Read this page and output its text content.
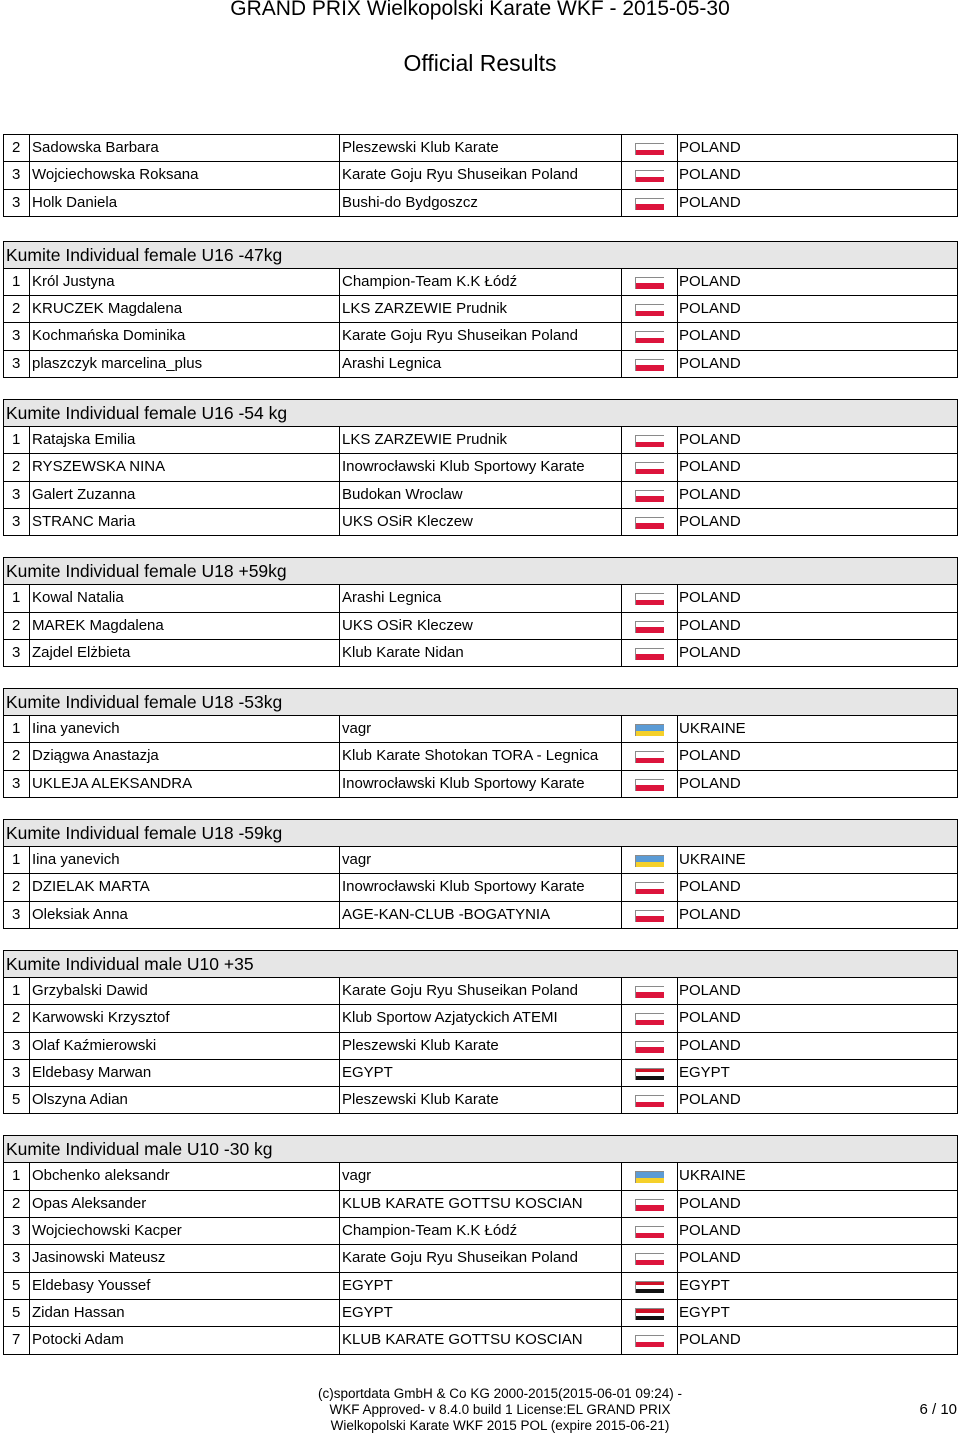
GRAND PRIX Wielkopolski Karate WKF - 2015-05-30
Official Results
2 Sadowska Barbara	Pleszewski Klub Karate	POLAND
3 Wojciechowska Roksana	Karate Goju Ryu Shuseikan Poland	POLAND
3 Holk Daniela	Bushi-do Bydgoszcz	POLAND
Kumite Individual female U16 -47kg
1 Król Justyna	Champion-Team K.K Łódź	POLAND
2 KRUCZEK Magdalena	LKS ZARZEWIE Prudnik	POLAND
3 Kochmańska Dominika	Karate Goju Ryu Shuseikan Poland	POLAND
3 plaszczyk marcelina_plus	Arashi Legnica	POLAND
Kumite Individual female U16 -54 kg
1 Ratajska Emilia	LKS ZARZEWIE Prudnik	POLAND
2 RYSZEWSKA NINA	Inowrocławski Klub Sportowy Karate	POLAND
3 Galert Zuzanna	Budokan Wroclaw	POLAND
3 STRANC Maria	UKS OSiR Kleczew	POLAND
Kumite Individual female U18 +59kg
1 Kowal Natalia	Arashi Legnica	POLAND
2 MAREK Magdalena	UKS OSiR Kleczew	POLAND
3 Zajdel Elżbieta	Klub Karate Nidan	POLAND
Kumite Individual female U18 -53kg
1 Iina yanevich	vagr	UKRAINE
2 Dziągwa Anastazja	Klub Karate Shotokan TORA - Legnica	POLAND
3 UKLEJA ALEKSANDRA	Inowrocławski Klub Sportowy Karate	POLAND
Kumite Individual female U18 -59kg
1 Iina yanevich	vagr	UKRAINE
2 DZIELAK MARTA	Inowrocławski Klub Sportowy Karate	POLAND
3 Oleksiak Anna	AGE-KAN-CLUB -BOGATYNIA	POLAND
Kumite Individual male U10 +35
1 Grzybalski Dawid	Karate Goju Ryu Shuseikan Poland	POLAND
2 Karwowski Krzysztof	Klub Sportow Azjatyckich ATEMI	POLAND
3 Olaf Kaźmierowski	Pleszewski Klub Karate	POLAND
3 Eldebasy Marwan	EGYPT	EGYPT
5 Olszyna Adian	Pleszewski Klub Karate	POLAND
Kumite Individual male U10 -30 kg
1 Obchenko aleksandr	vagr	UKRAINE
2 Opas Aleksander	KLUB KARATE GOTTSU KOSCIAN	POLAND
3 Wojciechowski Kacper	Champion-Team K.K Łódź	POLAND
3 Jasinowski Mateusz	Karate Goju Ryu Shuseikan Poland	POLAND
5 Eldebasy Youssef	EGYPT	EGYPT
5 Zidan Hassan	EGYPT	EGYPT
7 Potocki Adam	KLUB KARATE GOTTSU KOSCIAN	POLAND
(c)sportdata GmbH & Co KG 2000-2015(2015-06-01 09:24) -
WKF Approved- v 8.4.0 build 1 License:EL GRAND PRIX
Wielkopolski Karate WKF 2015 POL (expire 2015-06-21)
6 / 10
